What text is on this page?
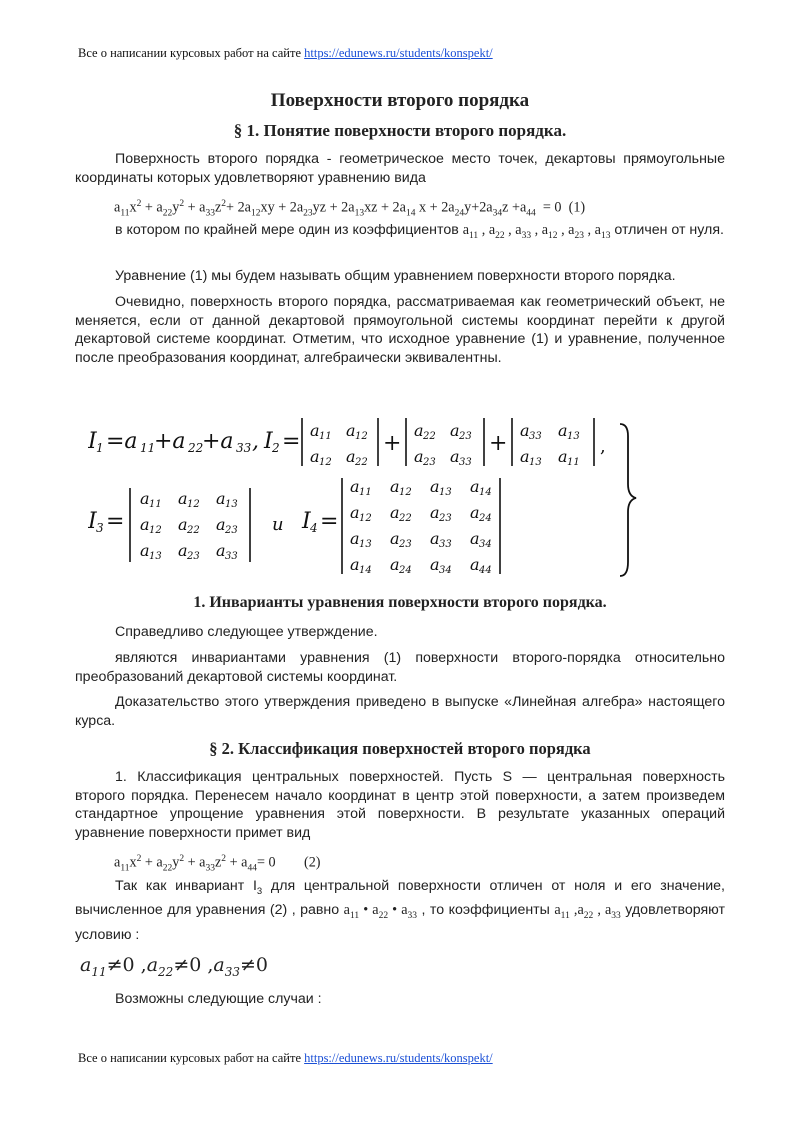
Все о написании курсовых работ на сайте https://edunews.ru/students/konspekt/
Поверхности второго порядка
§ 1. Понятие поверхности второго порядка.

Поверхность второго порядка - геометрическое место точек, декартовы прямоугольные координаты которых удовлетворяют уравнению вида

$a_{11}x^2 + a_{22}y^2 + a_{33}z^2+ 2a_{12}xy + 2a_{23}yz + 2a_{13}xz + 2a_{14}$ $x + 2a_{24}y+2a_{34}z +a_{44} = 0$  (1)

в котором по крайней мере один из коэффициентов $a_{11}$ , $a_{22}$ , $a_{33}$ , $a_{12}$ , $a_{23}$ , $a_{13}$ отличен от нуля.

Уравнение (1) мы будем называть общим уравнением поверхности второго порядка.

Очевидно, поверхность второго порядка, рассматриваемая как геометрический объект, не меняется, если от данной декартовой прямоугольной системы координат перейти к другой декартовой системе координат. Отметим, что исходное уравнение (1) и уравнение, полученное после преобразования координат, алгебраически эквивалентны.

I 1 =a 11
+a 22
+a 33 , I 2 = a 11 a 12
a 12 a 22
+
a 22 a 23
a 23 a 33
+
a 33 a 13
a 13 a 11
,
I 3 =
a 11 a 12 a 13
a 12 a 22 a 23
a 13 a 23 a 33
и I 4 =
a 11 a 12 a 13 a 14
a 12 a 22 a 23 a 24
a 13 a 23 a 33 a 34
a 14 a 24 a 34 a 44
1. Инварианты уравнения поверхности второго порядка.

Справедливо следующее утверждение.

являются инвариантами уравнения (1) поверхности второго-порядка относительно преобразований декартовой системы координат.

Доказательство этого утверждения приведено в выпуске «Линейная алгебра» настоящего курса.

§ 2. Классификация поверхностей второго порядка

1. Классификация центральных поверхностей. Пусть S — центральная поверхность второго порядка. Перенесем начало координат в центр этой поверхности, а затем произведем стандартное упрощение уравнения этой поверхности. В результате указанных операций уравнение поверхности примет вид

$a_{11}x^2 + a_{22}y^2 + a_{33}z^2 + a_{44}= 0$        (2)

Так как инвариант $I_3$ для центральной поверхности отличен от ноля и его значение, вычисленное для уравнения (2) , равно $a_{11}$ • $a_{22}$ • $a_{33}$ , то коэффициенты $a_{11}$ $,a_{22}$ , $a_{33}$ удовлетворяют условию :

$a_{11}\ne 0$ $,a_{22}\ne 0$ $,a_{33}\ne 0$

Возможны следующие случаи :

Все о написании курсовых работ на сайте https://edunews.ru/students/konspekt/
